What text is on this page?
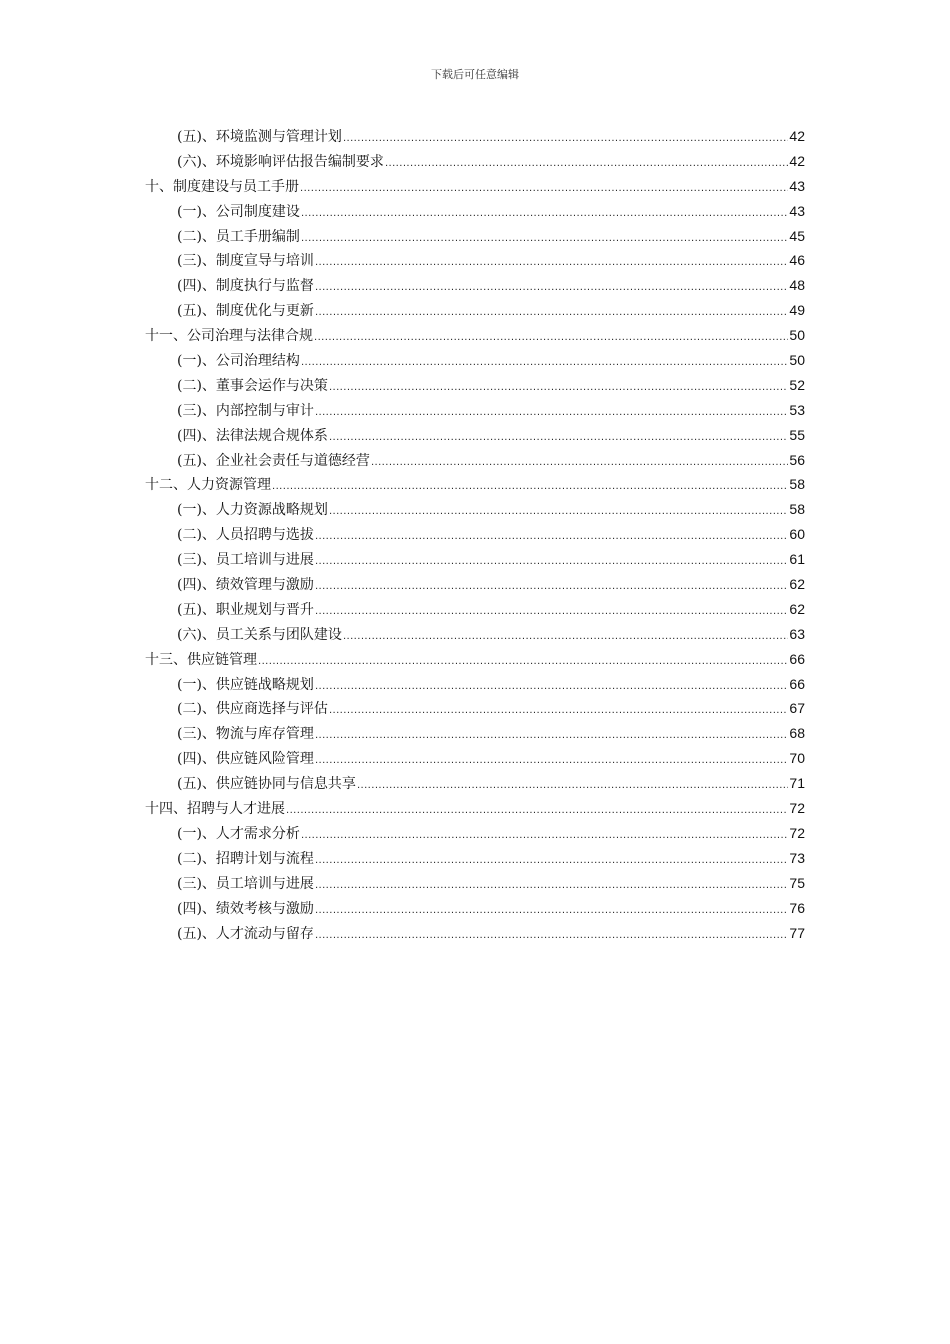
下载后可任意编辑
(五)、环境监测与管理计划 .....	42
(六)、环境影响评估报告编制要求 .....	42
十、制度建设与员工手册 .....	43
(一)、公司制度建设 .....	43
(二)、员工手册编制 .....	45
(三)、制度宣导与培训 .....	46
(四)、制度执行与监督 .....	48
(五)、制度优化与更新 .....	49
十一、公司治理与法律合规 .....	50
(一)、公司治理结构 .....	50
(二)、董事会运作与决策 .....	52
(三)、内部控制与审计 .....	53
(四)、法律法规合规体系 .....	55
(五)、企业社会责任与道德经营 .....	56
十二、人力资源管理 .....	58
(一)、人力资源战略规划 .....	58
(二)、人员招聘与选拔 .....	60
(三)、员工培训与进展 .....	61
(四)、绩效管理与激励 .....	62
(五)、职业规划与晋升 .....	62
(六)、员工关系与团队建设 .....	63
十三、供应链管理 .....	66
(一)、供应链战略规划 .....	66
(二)、供应商选择与评估 .....	67
(三)、物流与库存管理 .....	68
(四)、供应链风险管理 .....	70
(五)、供应链协同与信息共享 .....	71
十四、招聘与人才进展 .....	72
(一)、人才需求分析 .....	72
(二)、招聘计划与流程 .....	73
(三)、员工培训与进展 .....	75
(四)、绩效考核与激励 .....	76
(五)、人才流动与留存 .....	77
